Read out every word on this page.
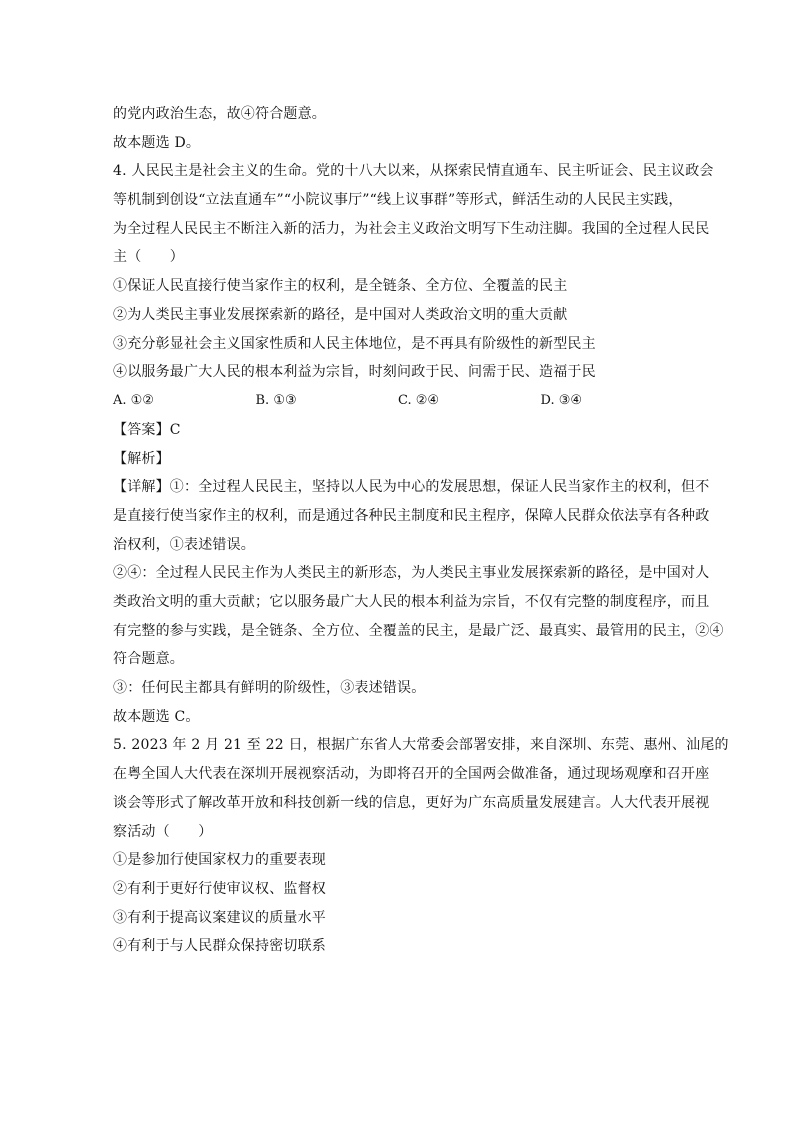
的党内政治生态，故④符合题意。
故本题选 D。
4. 人民民主是社会主义的生命。党的十八大以来，从探索民情直通车、民主听证会、民主议政会
等机制到创设“立法直通车”“小院议事厅”“线上议事群”等形式，鲜活生动的人民民主实践，
为全过程人民民主不断注入新的活力，为社会主义政治文明写下生动注脚。我国的全过程人民民
主（　　）
①保证人民直接行使当家作主的权利，是全链条、全方位、全覆盖的民主
②为人类民主事业发展探索新的路径，是中国对人类政治文明的重大贡献
③充分彰显社会主义国家性质和人民主体地位，是不再具有阶级性的新型民主
④以服务最广大人民的根本利益为宗旨，时刻问政于民、问需于民、造福于民
A. ①②	B. ①③	C. ②④	D. ③④
【答案】C
【解析】
【详解】①：全过程人民民主，坚持以人民为中心的发展思想，保证人民当家作主的权利，但不
是直接行使当家作主的权利，而是通过各种民主制度和民主程序，保障人民群众依法享有各种政
治权利，①表述错误。
②④：全过程人民民主作为人类民主的新形态，为人类民主事业发展探索新的路径，是中国对人
类政治文明的重大贡献；它以服务最广大人民的根本利益为宗旨，不仅有完整的制度程序，而且
有完整的参与实践，是全链条、全方位、全覆盖的民主，是最广泛、最真实、最管用的民主，②④
符合题意。
③：任何民主都具有鲜明的阶级性，③表述错误。
故本题选 C。
5. 2023 年 2 月 21 至 22 日，根据广东省人大常委会部署安排，来自深圳、东莞、惠州、汕尾的
在粤全国人大代表在深圳开展视察活动，为即将召开的全国两会做准备，通过现场观摩和召开座
谈会等形式了解改革开放和科技创新一线的信息，更好为广东高质量发展建言。人大代表开展视
察活动（　　）
①是参加行使国家权力的重要表现
②有利于更好行使审议权、监督权
③有利于提高议案建议的质量水平
④有利于与人民群众保持密切联系
